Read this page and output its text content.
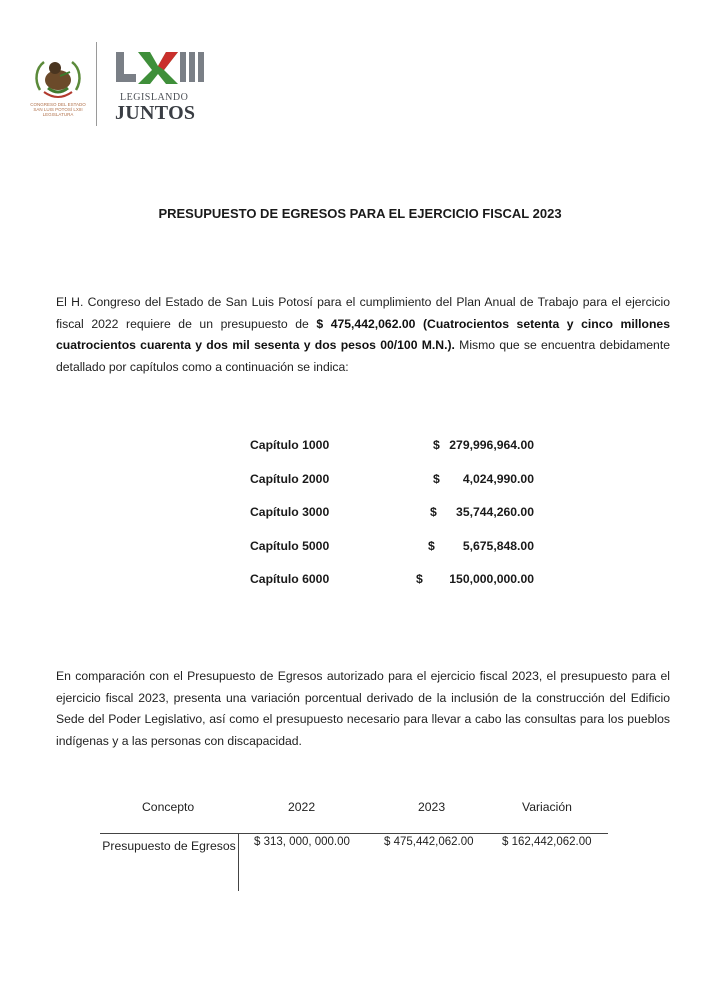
CONGRESO DEL ESTADO SAN LUIS POTOSÍ LXIII LEGISLATURA
LEGISLANDO
JUNTOS
PRESUPUESTO DE EGRESOS PARA EL EJERCICIO FISCAL 2023

El H. Congreso del Estado de San Luis Potosí para el cumplimiento del Plan Anual de Trabajo para el ejercicio fiscal 2022 requiere de un presupuesto de $ 475,442,062.00 (Cuatrocientos setenta y cinco millones cuatrocientos cuarenta y dos mil sesenta y dos pesos 00/100 M.N.). Mismo que se encuentra debidamente detallado por capítulos como a continuación se indica:

Capítulo 1000	$ 279,996,964.00
Capítulo 2000	$	4,024,990.00
Capítulo 3000	$	35,744,260.00
Capítulo 5000	$	5,675,848.00
Capítulo 6000	$	150,000,000.00

En comparación con el Presupuesto de Egresos autorizado para el ejercicio fiscal 2023, el presupuesto para el ejercicio fiscal 2023, presenta una variación porcentual derivado de la inclusión de la construcción del Edificio Sede del Poder Legislativo, así como el presupuesto necesario para llevar a cabo las consultas para los pueblos indígenas y a las personas con discapacidad.

Concepto	2022	2023	Variación
Presupuesto de Egresos $ 313, 000, 000.00	$ 475,442,062.00 $ 162,442,062.00
